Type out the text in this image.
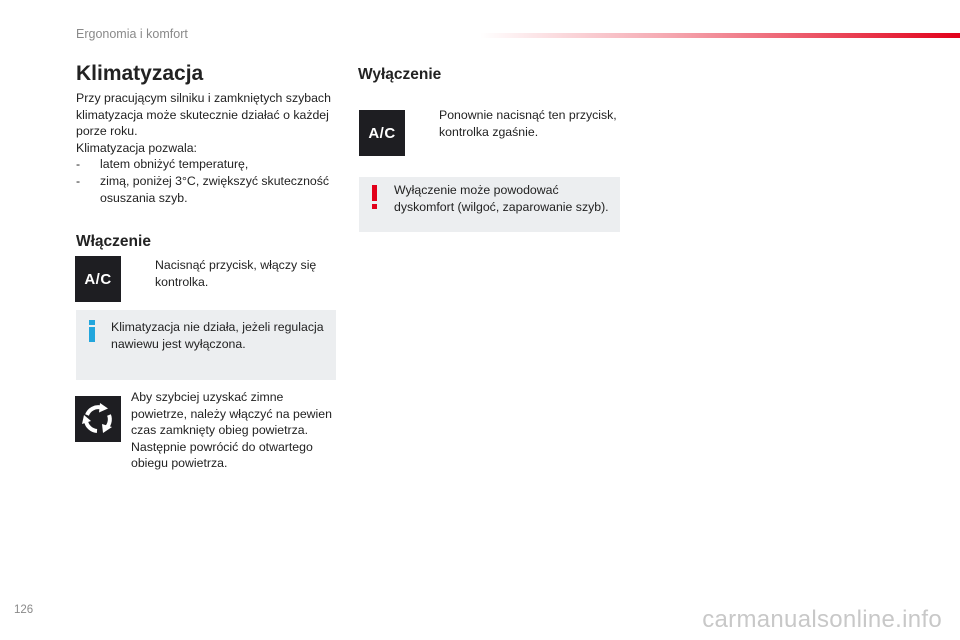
Ergonomia i komfort
Klimatyzacja
Przy pracującym silniku i zamkniętych szybach
klimatyzacja może skutecznie działać o każdej
porze roku.
Klimatyzacja pozwala:
- latem obniżyć temperaturę,
- zimą, poniżej 3°C, zwiększyć skuteczność
osuszania szyb.
Włączenie
A/C
Nacisnąć przycisk, włączy się
kontrolka.
Klimatyzacja nie działa, jeżeli regulacja
nawiewu jest wyłączona.
Aby szybciej uzyskać zimne
powietrze, należy włączyć na pewien
czas zamknięty obieg powietrza.
Następnie powrócić do otwartego
obiegu powietrza.
Wyłączenie
A/C
Ponownie nacisnąć ten przycisk,
kontrolka zgaśnie.
Wyłączenie może powodować
dyskomfort (wilgoć, zaparowanie szyb).
126	carmanualsonline.info
